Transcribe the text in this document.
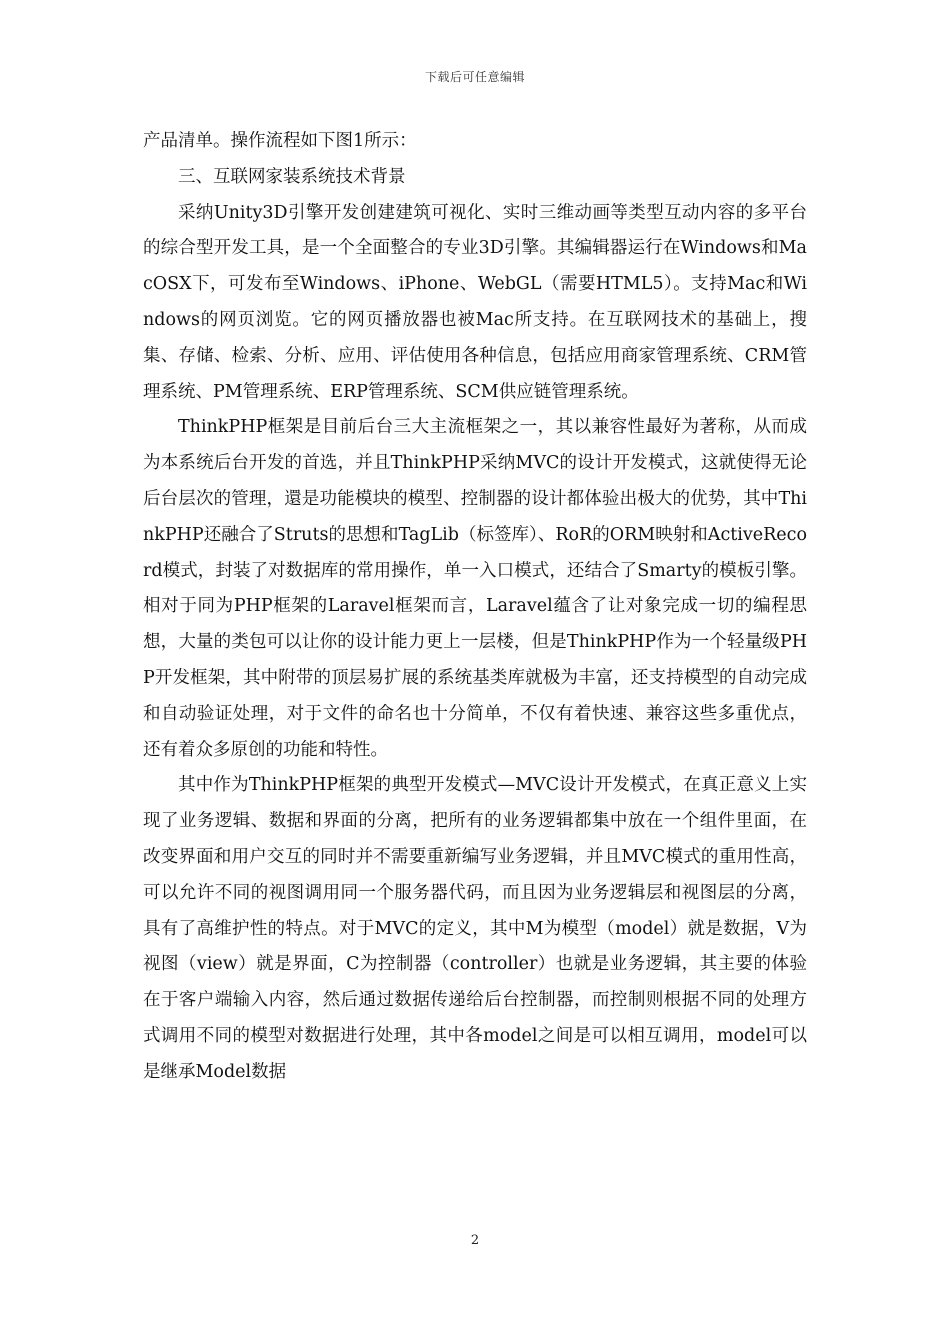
下载后可任意编辑

产品清单。操作流程如下图1所示：

三、互联网家装系统技术背景

采纳Unity3D引擎开发创建建筑可视化、实时三维动画等类型互动内容的多平台的综合型开发工具，是一个全面整合的专业3D引擎。其编辑器运行在Windows和MacOSX下，可发布至Windows、iPhone、WebGL（需要HTML5）。支持Mac和Windows的网页浏览。它的网页播放器也被Mac所支持。在互联网技术的基础上，搜集、存储、检索、分析、应用、评估使用各种信息，包括应用商家管理系统、CRM管理系统、PM管理系统、ERP管理系统、SCM供应链管理系统。

ThinkPHP框架是目前后台三大主流框架之一，其以兼容性最好为著称，从而成为本系统后台开发的首选，并且ThinkPHP采纳MVC的设计开发模式，这就使得无论后台层次的管理，還是功能模块的模型、控制器的设计都体验出极大的优势，其中ThinkPHP还融合了Struts的思想和TagLib（标签库）、RoR的ORM映射和ActiveRecord模式，封装了对数据库的常用操作，单一入口模式，还结合了Smarty的模板引擎。相对于同为PHP框架的Laravel框架而言，Laravel蕴含了让对象完成一切的编程思想，大量的类包可以让你的设计能力更上一层楼，但是ThinkPHP作为一个轻量级PHP开发框架，其中附带的顶层易扩展的系统基类库就极为丰富，还支持模型的自动完成和自动验证处理，对于文件的命名也十分简单，不仅有着快速、兼容这些多重优点，还有着众多原创的功能和特性。

其中作为ThinkPHP框架的典型开发模式—MVC设计开发模式，在真正意义上实现了业务逻辑、数据和界面的分离，把所有的业务逻辑都集中放在一个组件里面，在改变界面和用户交互的同时并不需要重新编写业务逻辑，并且MVC模式的重用性高，可以允许不同的视图调用同一个服务器代码，而且因为业务逻辑层和视图层的分离，具有了高维护性的特点。对于MVC的定义，其中M为模型（model）就是数据，V为视图（view）就是界面，C为控制器（controller）也就是业务逻辑，其主要的体验在于客户端输入内容，然后通过数据传递给后台控制器，而控制则根据不同的处理方式调用不同的模型对数据进行处理，其中各model之间是可以相互调用，model可以是继承Model数据

2
